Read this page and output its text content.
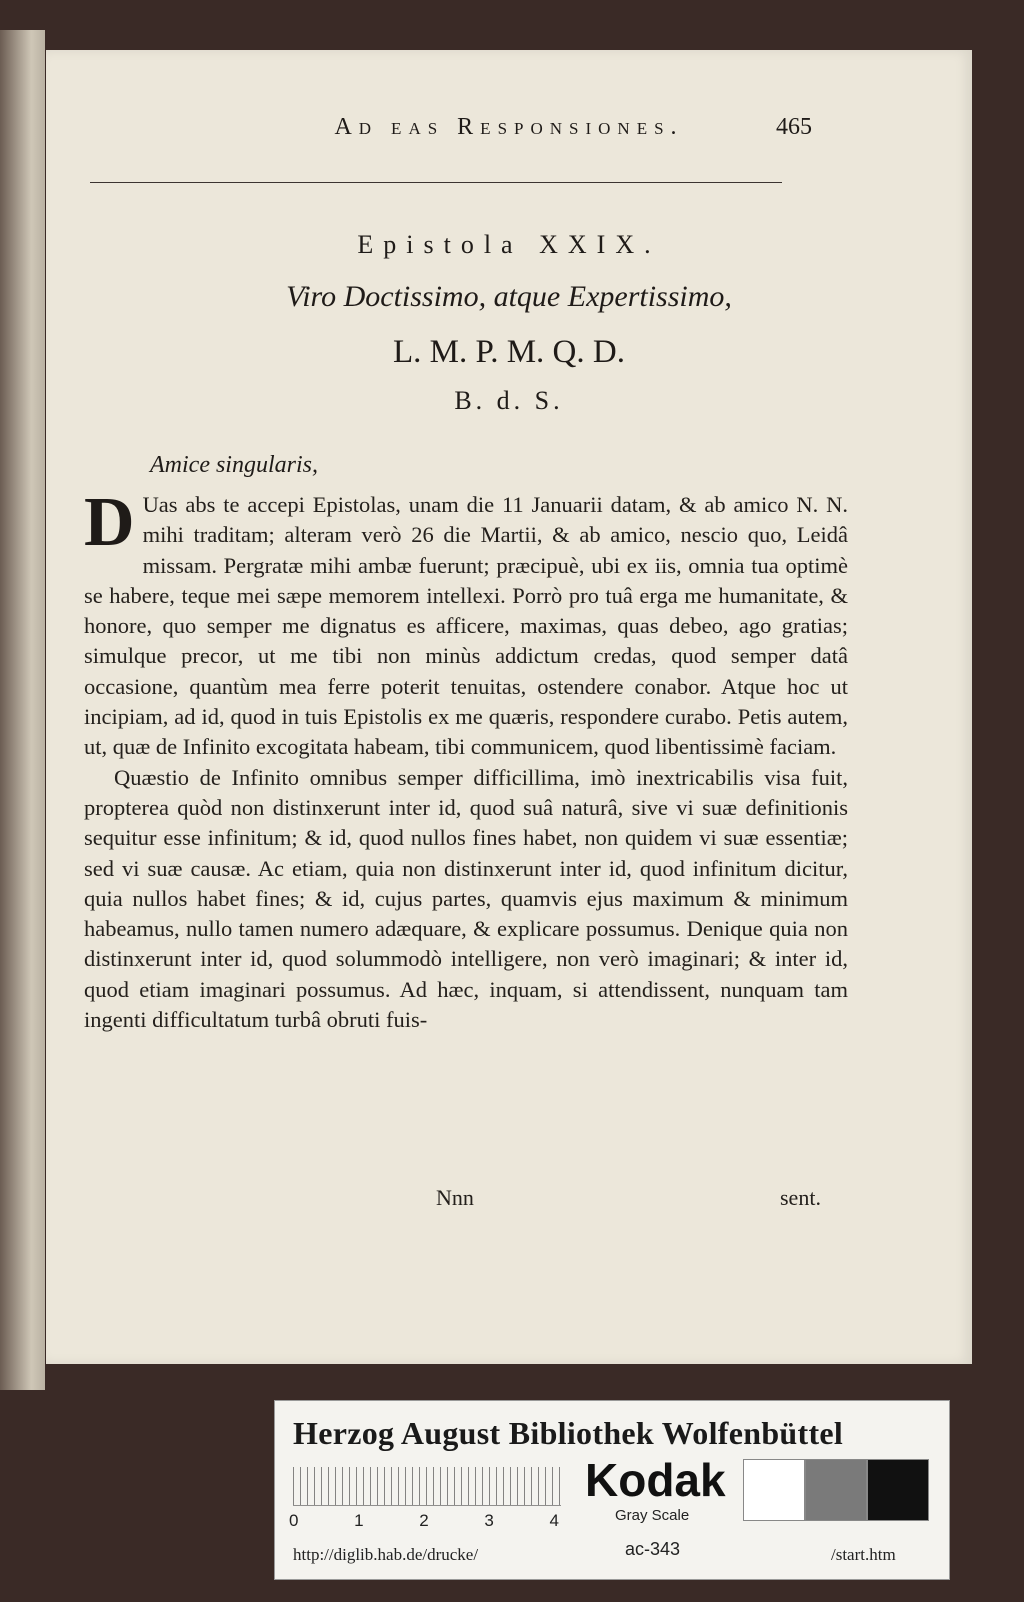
Ad eas Responsiones.	465
Epistola XXIX.
Viro Doctissimo, atque Expertissimo,
L. M. P. M. Q. D.
B. d. S.
Amice singularis,

D Uas abs te accepi Epistolas, unam die 11 Januarii datam, & ab amico N. N. mihi traditam; alteram verò 26 die Martii, & ab amico, nescio quo, Leidâ missam. Pergratæ mihi ambæ fuerunt; præcipuè, ubi ex iis, omnia tua optimè se habere, teque mei sæpe memorem intellexi. Porrò pro tuâ erga me humanitate, & honore, quo semper me dignatus es afficere, maximas, quas debeo, ago gratias; simulque precor, ut me tibi non minùs addictum credas, quod semper datâ occasione, quantùm mea ferre poterit tenuitas, ostendere conabor. Atque hoc ut incipiam, ad id, quod in tuis Epistolis ex me quæris, respondere curabo. Petis autem, ut, quæ de Infinito excogitata habeam, tibi communicem, quod libentissimè faciam.

Quæstio de Infinito omnibus semper difficillima, imò inextricabilis visa fuit, propterea quòd non distinxerunt inter id, quod suâ naturâ, sive vi suæ definitionis sequitur esse infinitum; & id, quod nullos fines habet, non quidem vi suæ essentiæ; sed vi suæ causæ. Ac etiam, quia non distinxerunt inter id, quod infinitum dicitur, quia nullos habet fines; & id, cujus partes, quamvis ejus maximum & minimum habeamus, nullo tamen numero adæquare, & explicare possumus. Denique quia non distinxerunt inter id, quod solummodò intelligere, non verò imaginari; & inter id, quod etiam imaginari possumus. Ad hæc, inquam, si attendissent, nunquam tam ingenti difficultatum turbâ obruti fuis-

Nnn	sent.
Herzog August Bibliothek Wolfenbüttel
0	1	2	3	4
Kodak
Gray Scale
http://diglib.hab.de/drucke/	ac-343	/start.htm
